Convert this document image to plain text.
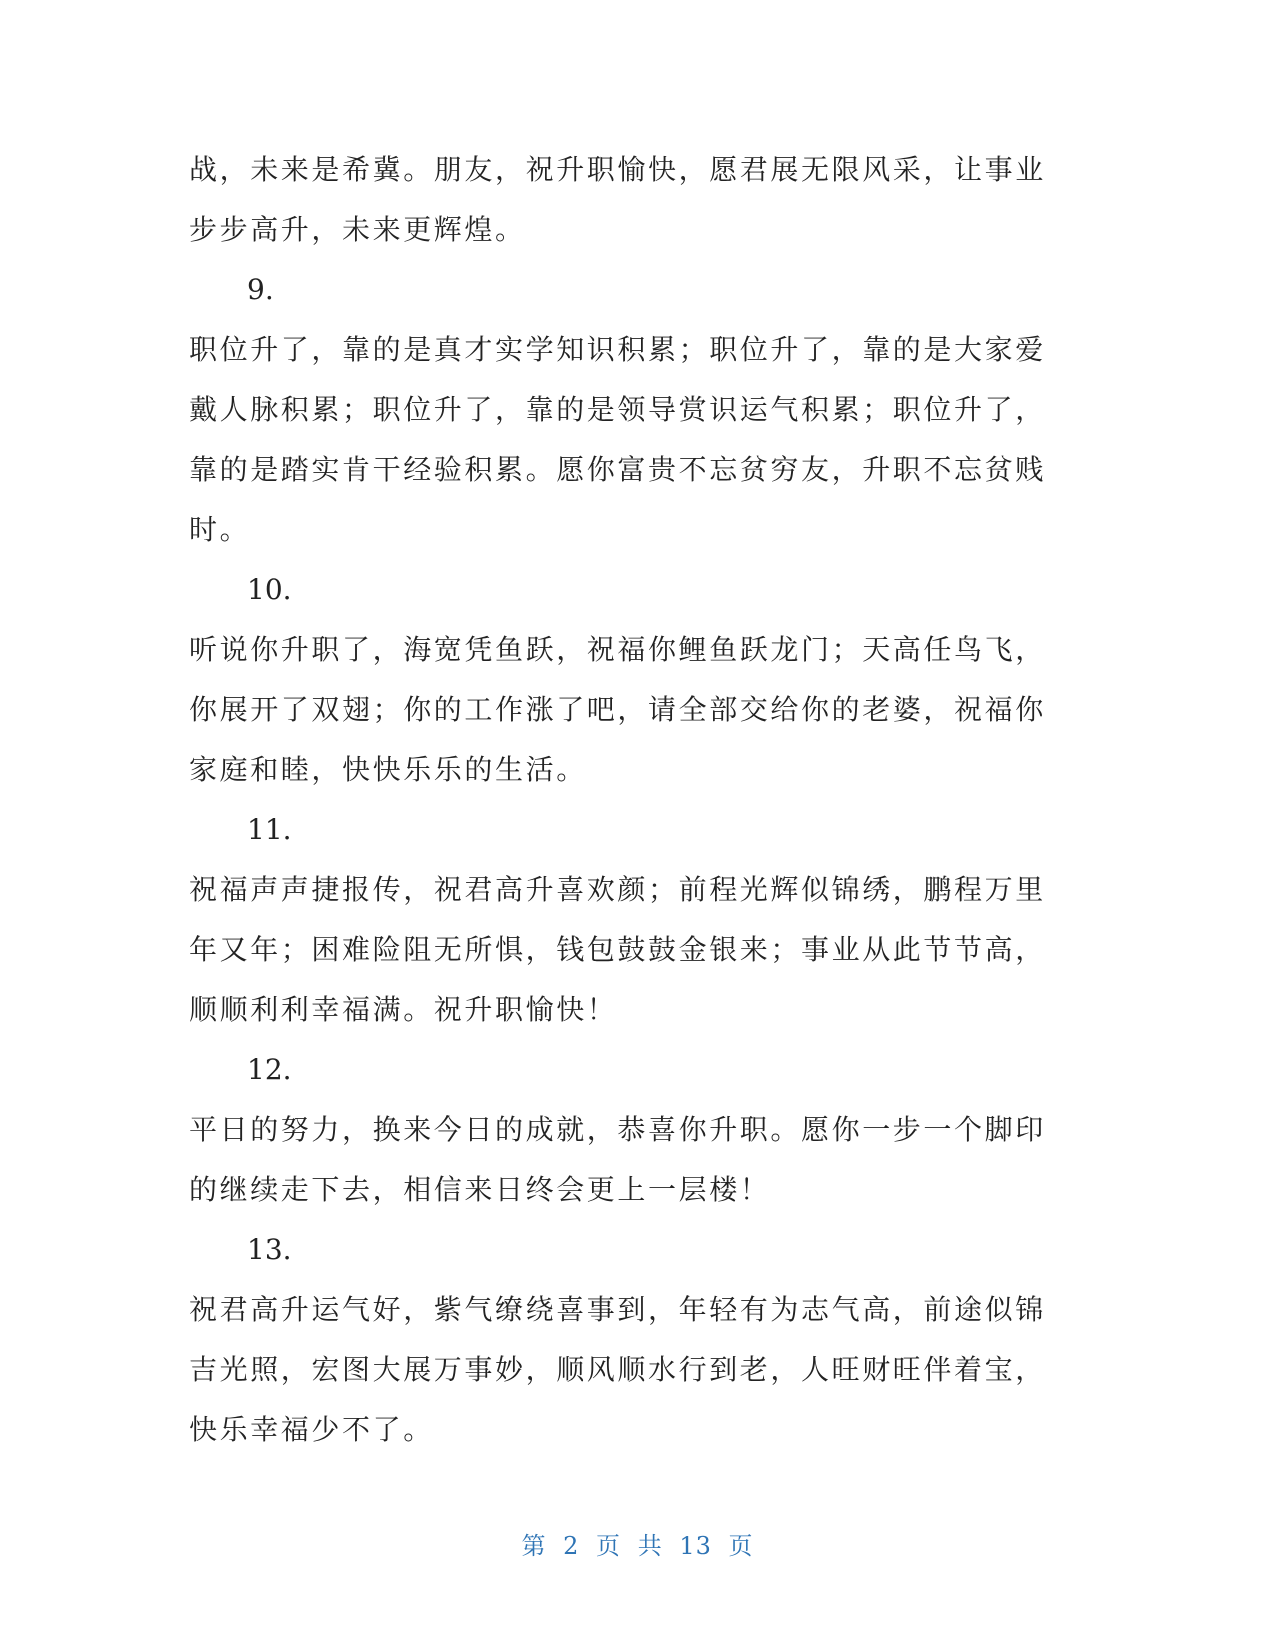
战，未来是希冀。朋友，祝升职愉快，愿君展无限风采，让事业
步步高升，未来更辉煌。
9.
职位升了，靠的是真才实学知识积累；职位升了，靠的是大家爱
戴人脉积累；职位升了，靠的是领导赏识运气积累；职位升了，
靠的是踏实肯干经验积累。愿你富贵不忘贫穷友，升职不忘贫贱
时。
10.
听说你升职了，海宽凭鱼跃，祝福你鲤鱼跃龙门；天高任鸟飞，
你展开了双翅；你的工作涨了吧，请全部交给你的老婆，祝福你
家庭和睦，快快乐乐的生活。
11.
祝福声声捷报传，祝君高升喜欢颜；前程光辉似锦绣，鹏程万里
年又年；困难险阻无所惧，钱包鼓鼓金银来；事业从此节节高，
顺顺利利幸福满。祝升职愉快！
12.
平日的努力，换来今日的成就，恭喜你升职。愿你一步一个脚印
的继续走下去，相信来日终会更上一层楼！
13.
祝君高升运气好，紫气缭绕喜事到，年轻有为志气高，前途似锦
吉光照，宏图大展万事妙，顺风顺水行到老，人旺财旺伴着宝，
快乐幸福少不了。
第 2 页 共 13 页
